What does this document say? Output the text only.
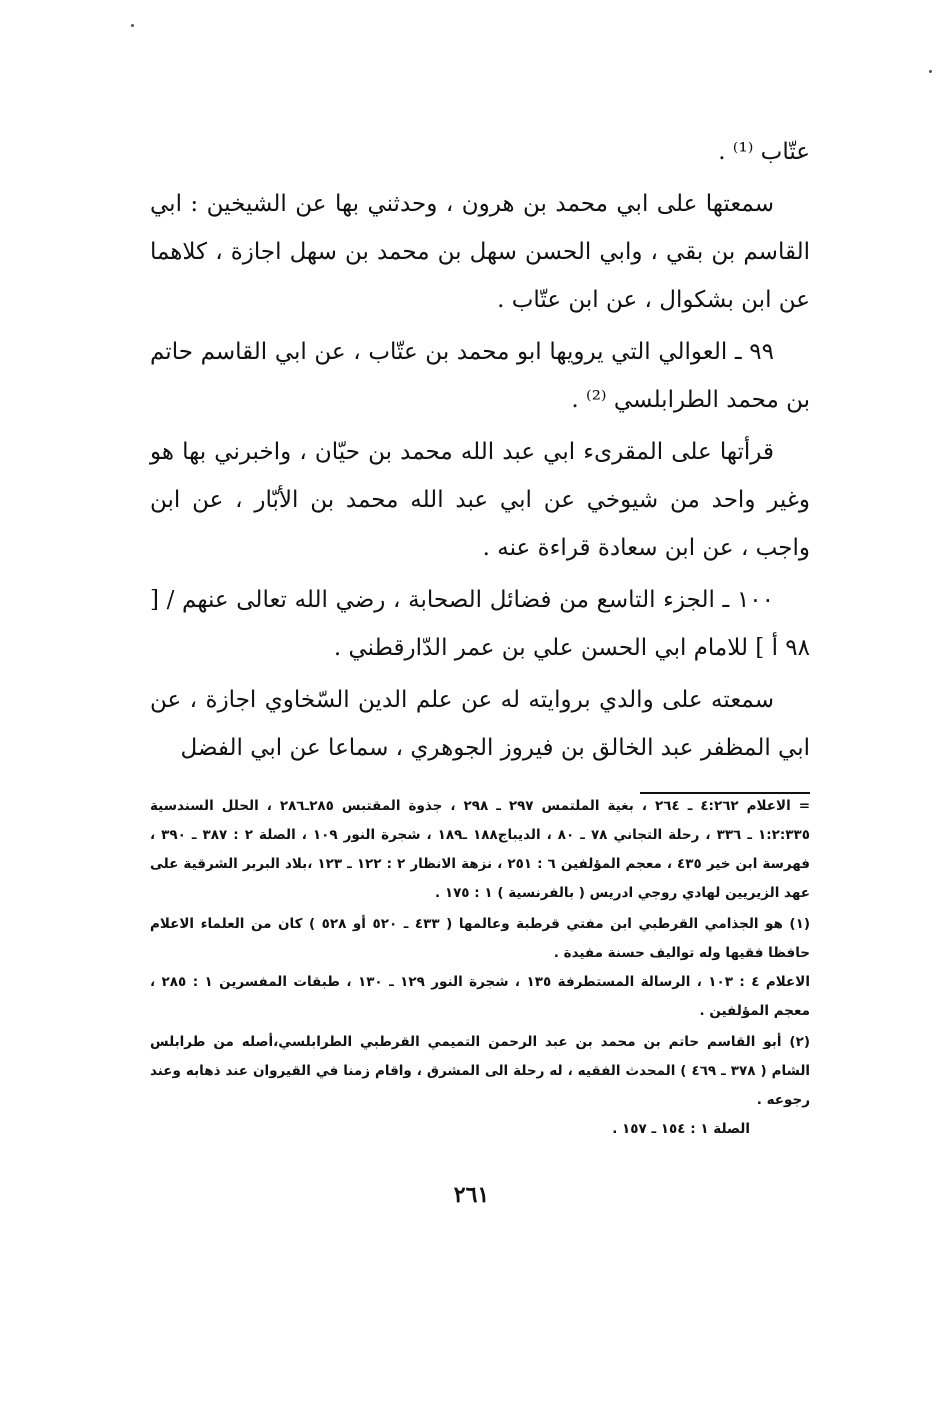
عتّاب ⁽¹⁾ .

سمعتها على ابي محمد بن هرون ، وحدثني بها عن الشيخين : ابي القاسم بن بقي ، وابي الحسن سهل بن محمد بن سهل اجازة ، كلاهما عن ابن بشكوال ، عن ابن عتّاب .

٩٩ ـ العوالي التي يرويها ابو محمد بن عتّاب ، عن ابي القاسم حاتم بن محمد الطرابلسي ⁽²⁾ .

قرأتها على المقرىء ابي عبد الله محمد بن حيّان ، واخبرني بها هو وغير واحد من شيوخي عن ابي عبد الله محمد بن الأبّار ، عن ابن واجب ، عن ابن سعادة قراءة عنه .

١٠٠ ـ الجزء التاسع من فضائل الصحابة ، رضي الله تعالى عنهم / [ ٩٨ أ ] للامام ابي الحسن علي بن عمر الدّارقطني .

سمعته على والدي بروايته له عن علم الدين السّخاوي اجازة ، عن ابي المظفر عبد الخالق بن فيروز الجوهري ، سماعا عن ابي الفضل

= الاعلام ٤:٢٦٢ ـ ٢٦٤ ، بغية الملتمس ٢٩٧ ـ ٢٩٨ ، جذوة المقتبس ٢٨٥ـ٢٨٦ ، الحلل السندسية ١:٢:٣٣٥ ـ ٣٣٦ ، رحلة التجاني ٧٨ ـ ٨٠ ، الديباج١٨٨ ـ١٨٩ ، شجرة النور ١٠٩ ، الصلة ٢ : ٣٨٧ ـ ٣٩٠ ، فهرسة ابن خير ٤٣٥ ، معجم المؤلفين ٦ : ٢٥١ ، نزهة الانظار ٢ : ١٢٢ ـ ١٢٣ ،بلاد البربر الشرقية على عهد الزيريين لهادي روجي ادريس ( بالفرنسية ) ١ : ١٧٥ .

(١) هو الجذامي القرطبي ابن مفتي قرطبة وعالمها ( ٤٣٣ ـ ٥٢٠ أو ٥٢٨ ) كان من العلماء الاعلام حافظا فقيها وله تواليف حسنة مفيدة .

الاعلام ٤ : ١٠٣ ، الرسالة المستطرفة ١٣٥ ، شجرة النور ١٢٩ ـ ١٣٠ ، طبقات المفسرين ١ : ٢٨٥ ، معجم المؤلفين .

(٢) أبو القاسم حاتم بن محمد بن عبد الرحمن التميمي القرطبي الطرابلسي،أصله من طرابلس الشام ( ٣٧٨ ـ ٤٦٩ ) المحدث الفقيه ، له رحلة الى المشرق ، واقام زمنا في القيروان عند ذهابه وعند رجوعه .

الصلة ١ : ١٥٤ ـ ١٥٧ .

٢٦١
